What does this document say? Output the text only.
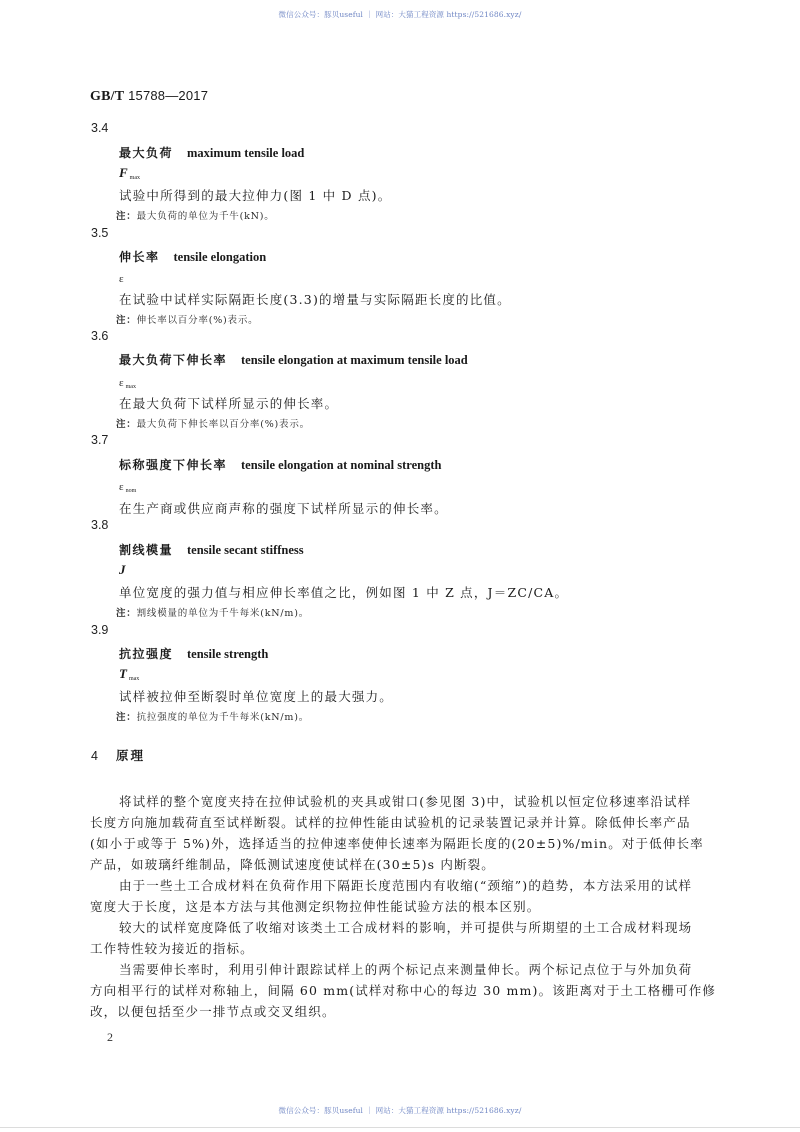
微信公众号：豚贝useful ｜ 网站：大猫工程资源 https://521686.xyz/
GB/T 15788—2017
3.4
最大负荷 maximum tensile load
F $_{max}$
试验中所得到的最大拉伸力(图 1 中 D 点)。
注：最大负荷的单位为千牛(kN)。
3.5
伸长率 tensile elongation
ε
在试验中试样实际隔距长度(3.3)的增量与实际隔距长度的比值。
注：伸长率以百分率(%)表示。
3.6
最大负荷下伸长率 tensile elongation at maximum tensile load
ε $_{max}$
在最大负荷下试样所显示的伸长率。
注：最大负荷下伸长率以百分率(%)表示。
3.7
标称强度下伸长率 tensile elongation at nominal strength
ε $_{nom}$
在生产商或供应商声称的强度下试样所显示的伸长率。
3.8
割线模量 tensile secant stiffness
J
单位宽度的强力值与相应伸长率值之比，例如图 1 中 Z 点，J＝ZC/CA。
注：割线模量的单位为千牛每米(kN/m)。
3.9
抗拉强度 tensile strength
T $_{max}$
试样被拉伸至断裂时单位宽度上的最大强力。
注：抗拉强度的单位为千牛每米(kN/m)。
4 原理
将试样的整个宽度夹持在拉伸试验机的夹具或钳口(参见图 3)中，试验机以恒定位移速率沿试样
长度方向施加载荷直至试样断裂。试样的拉伸性能由试验机的记录装置记录并计算。除低伸长率产品
(如小于或等于 5%)外，选择适当的拉伸速率使伸长速率为隔距长度的(20±5)%/min。对于低伸长率
产品，如玻璃纤维制品，降低测试速度使试样在(30±5)s 内断裂。
由于一些土工合成材料在负荷作用下隔距长度范围内有收缩(“颈缩”)的趋势，本方法采用的试样
宽度大于长度，这是本方法与其他测定织物拉伸性能试验方法的根本区别。
较大的试样宽度降低了收缩对该类土工合成材料的影响，并可提供与所期望的土工合成材料现场
工作特性较为接近的指标。
当需要伸长率时，利用引伸计跟踪试样上的两个标记点来测量伸长。两个标记点位于与外加负荷
方向相平行的试样对称轴上，间隔 60 mm(试样对称中心的每边 30 mm)。该距离对于土工格栅可作修
改，以便包括至少一排节点或交叉组织。
2
微信公众号：豚贝useful ｜ 网站：大猫工程资源 https://521686.xyz/
